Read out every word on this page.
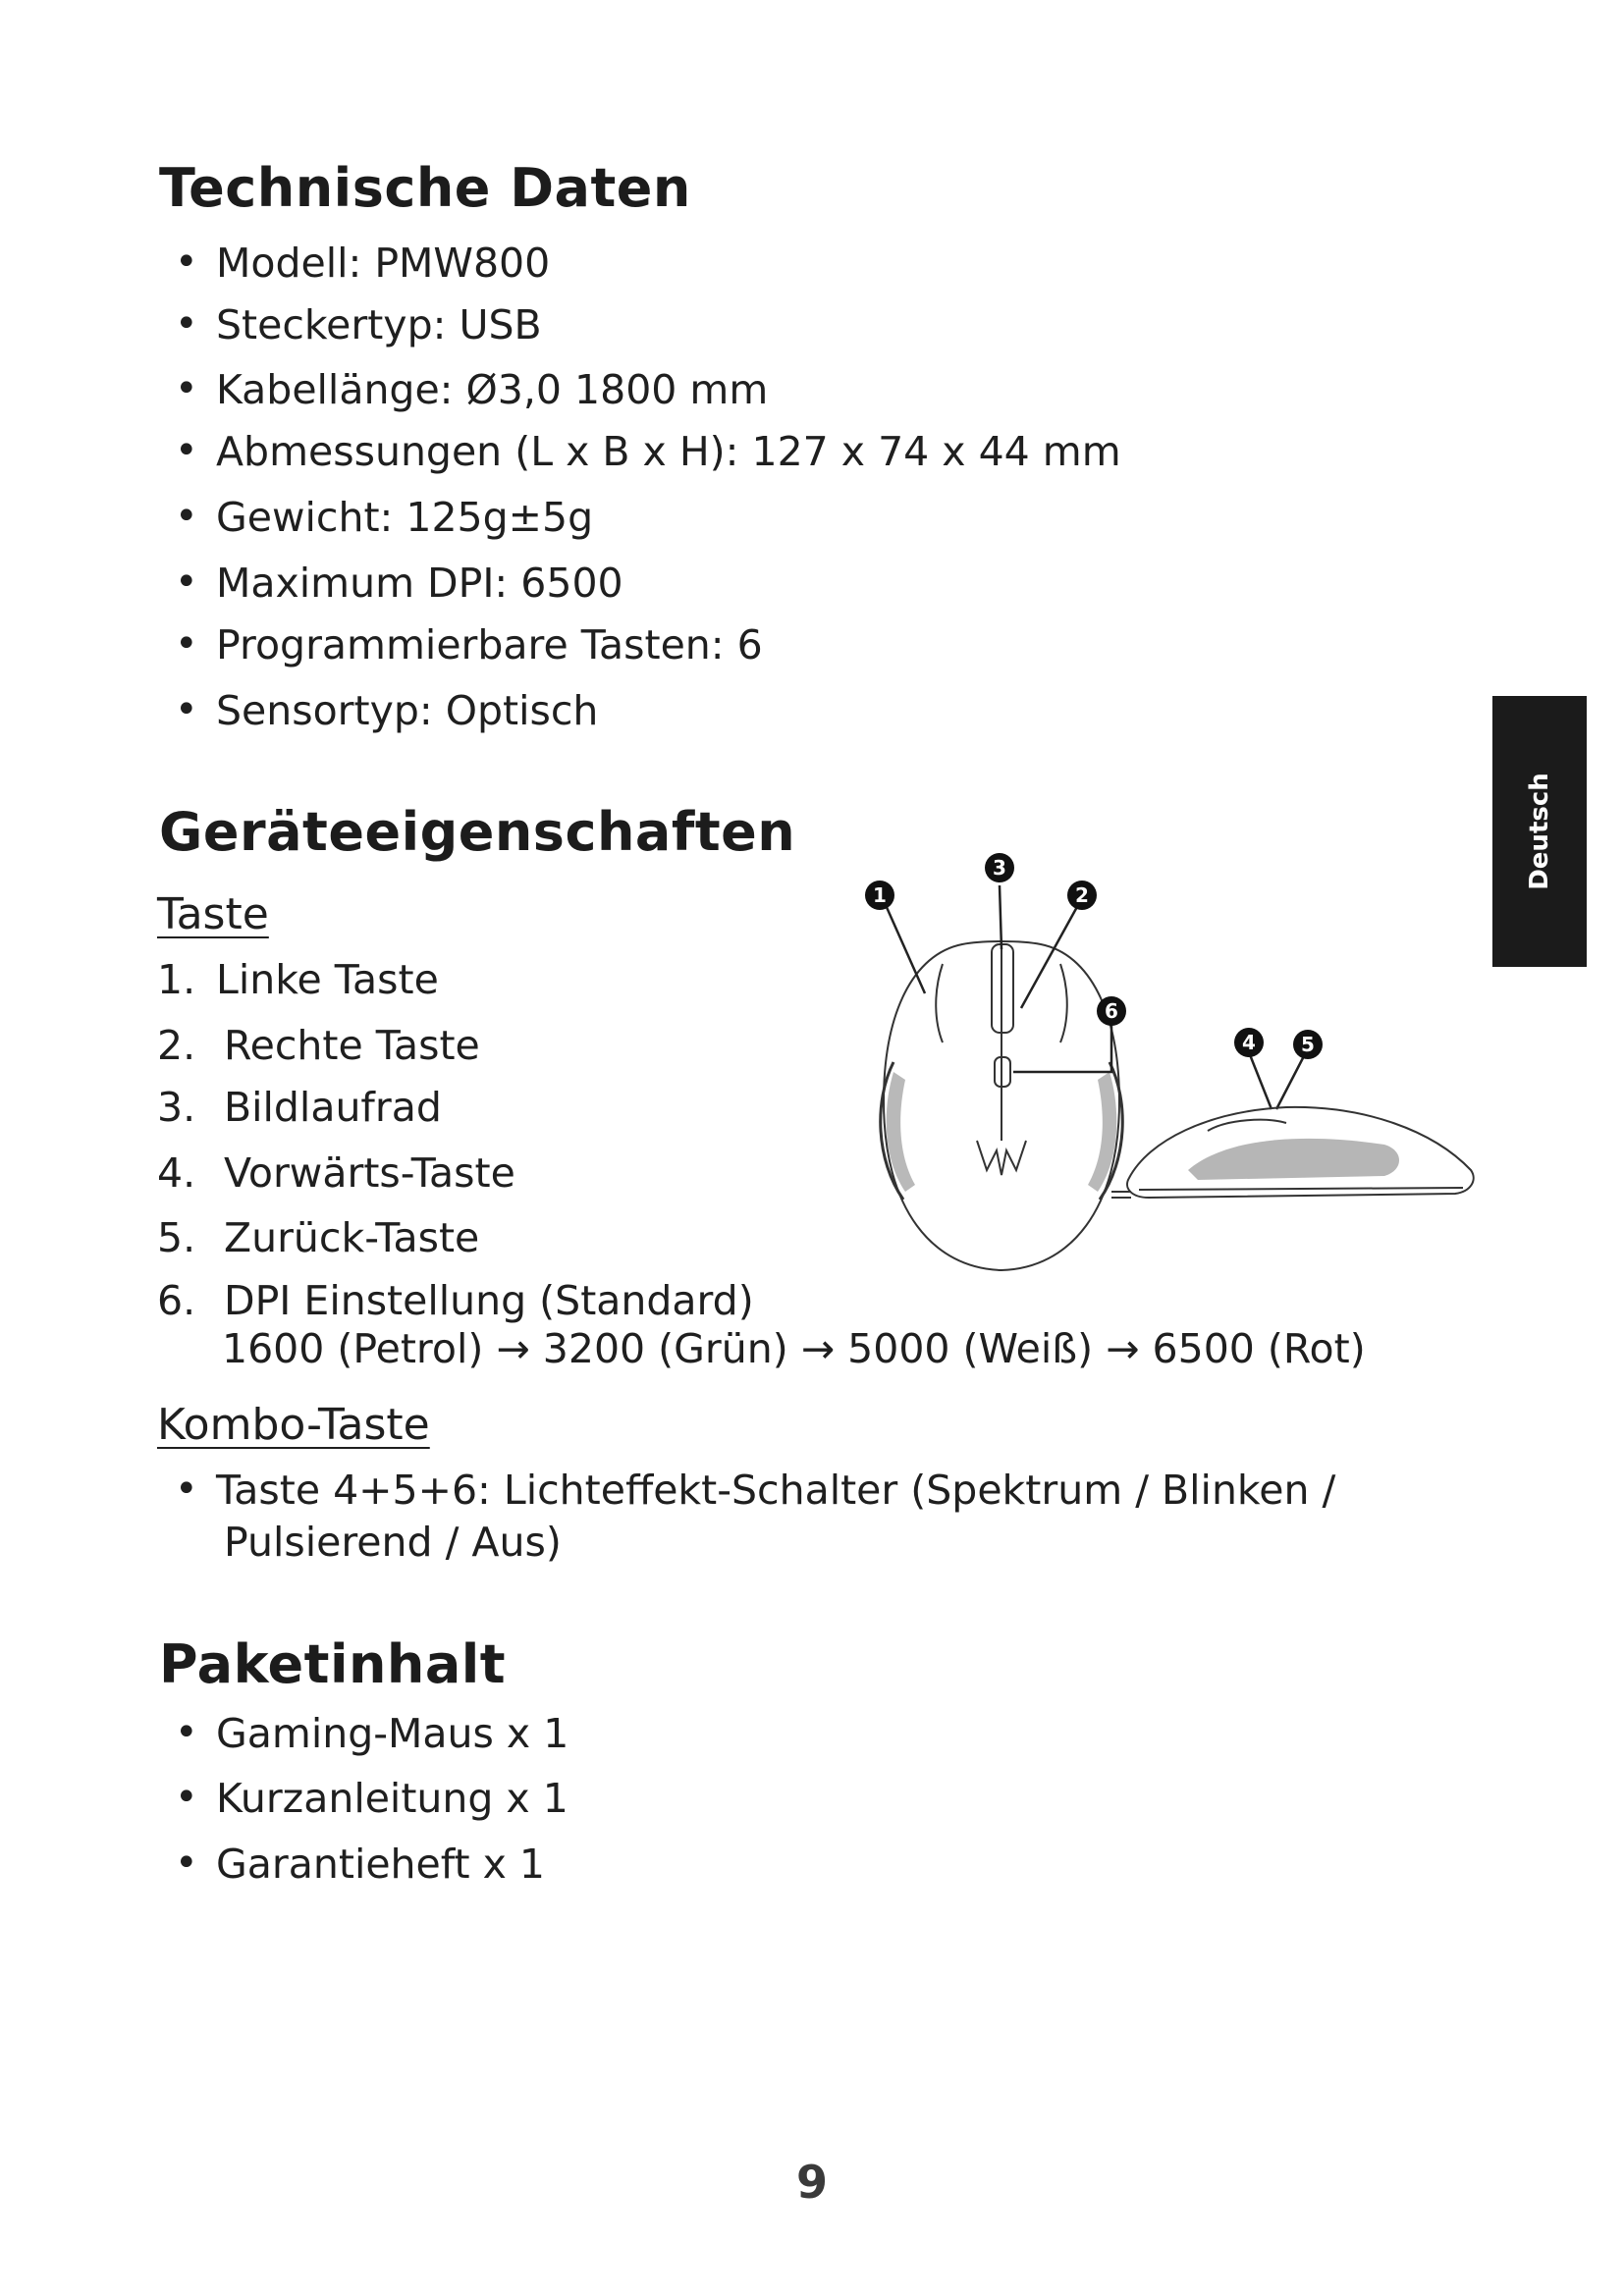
Technische Daten
• Modell: PMW800
• Steckertyp: USB
• Kabellänge: Ø3,0 1800 mm
• Abmessungen (L x B x H): 127 x 74 x 44 mm
• Gewicht: 125g±5g
• Maximum DPI: 6500
• Programmierbare Tasten: 6
• Sensortyp: Optisch
Geräteeigenschaften
Taste
1. Linke Taste
2. Rechte Taste
3. Bildlaufrad
4. Vorwärts-Taste
5. Zurück-Taste
6. DPI Einstellung (Standard)
1600 (Petrol) → 3200 (Grün) → 5000 (Weiß) → 6500 (Rot)
Kombo-Taste
• Taste 4+5+6: Lichteffekt-Schalter (Spektrum / Blinken /
Pulsierend / Aus)
1	2
3
4 5
6
Paketinhalt
• Gaming-Maus x 1
• Kurzanleitung x 1
• Garantieheft x 1
Deutsch
9
